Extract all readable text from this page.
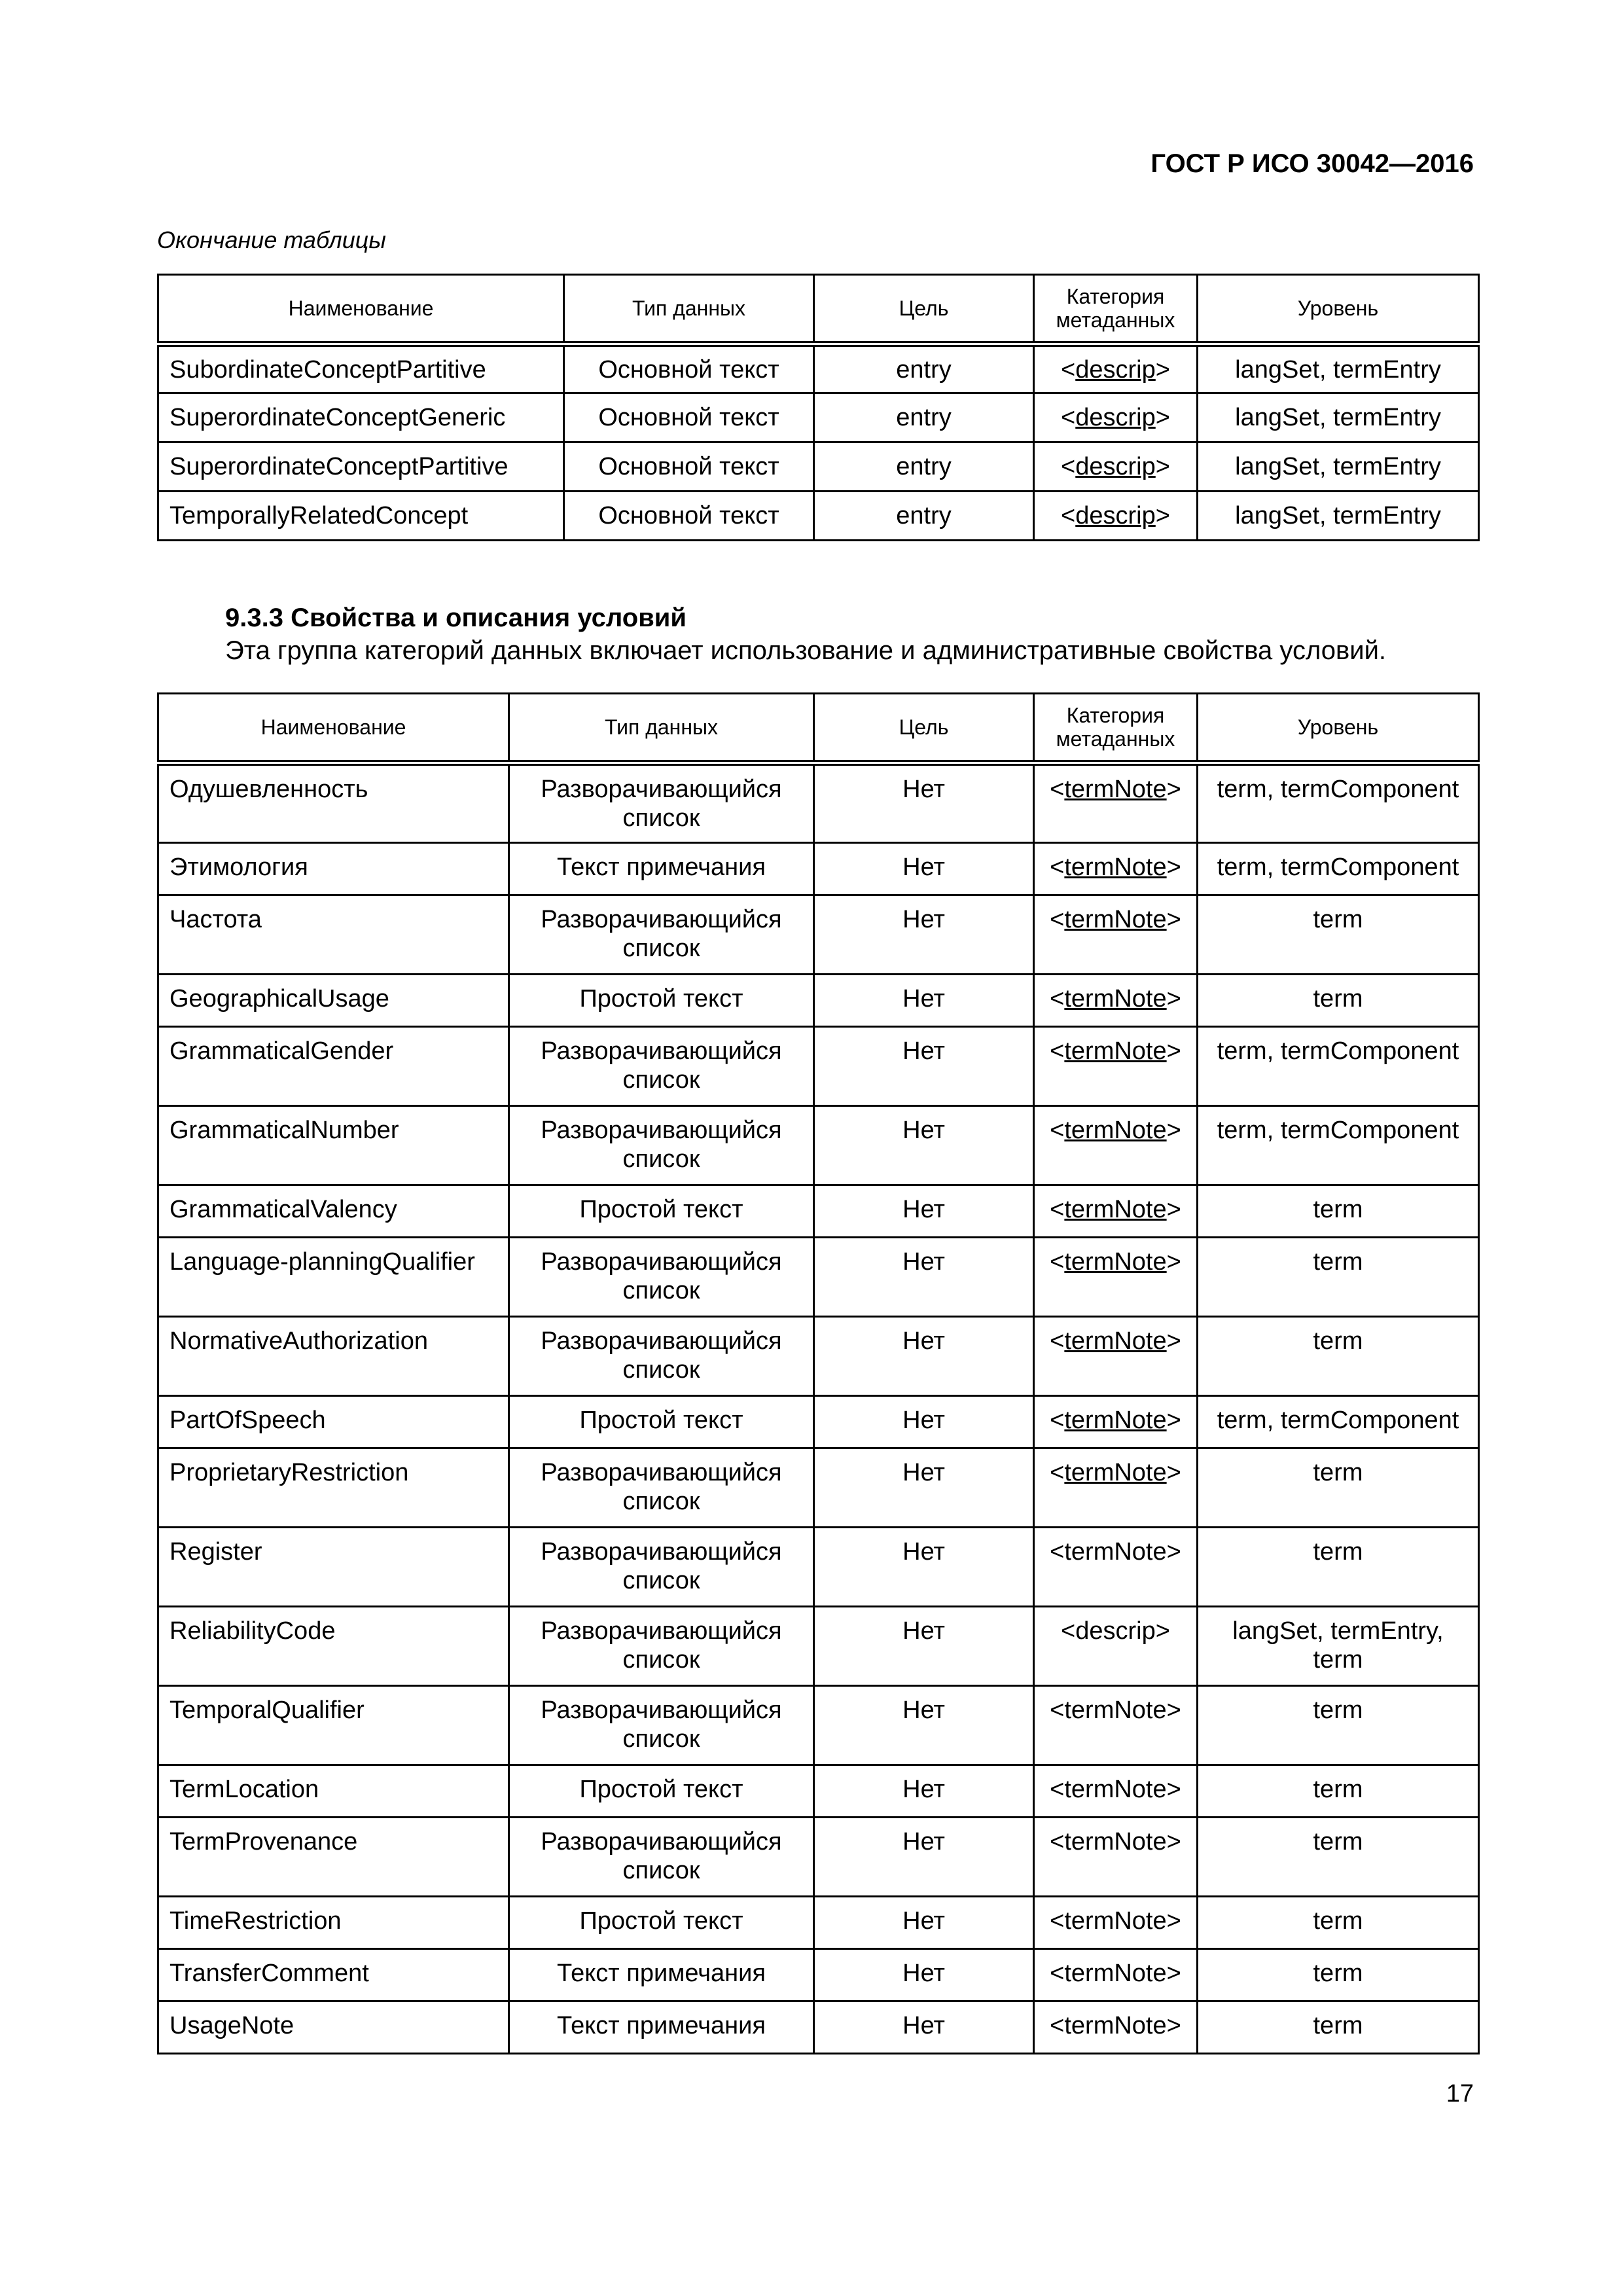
ГОСТ Р ИСО 30042—2016
Окончание таблицы
Наименование	Тип данных	Цель	Категория метаданных	Уровень
SubordinateConceptPartitive	Основной текст	entry	<descrip>	langSet, termEntry
SuperordinateConceptGeneric	Основной текст	entry	<descrip>	langSet, termEntry
SuperordinateConceptPartitive	Основной текст	entry	<descrip>	langSet, termEntry
TemporallyRelatedConcept	Основной текст	entry	<descrip>	langSet, termEntry
9.3.3 Свойства и описания условий
Эта группа категорий данных включает использование и административные свойства условий.
Наименование	Тип данных	Цель	Категория метаданных	Уровень
Одушевленность	Разворачивающийся список	Нет	<termNote>	term, termComponent
Этимология	Текст примечания	Нет	<termNote>	term, termComponent
Частота	Разворачивающийся список	Нет	<termNote>	term
GeographicalUsage	Простой текст	Нет	<termNote>	term
GrammaticalGender	Разворачивающийся список	Нет	<termNote>	term, termComponent
GrammaticalNumber	Разворачивающийся список	Нет	<termNote>	term, termComponent
GrammaticalValency	Простой текст	Нет	<termNote>	term
Language-planningQualifier	Разворачивающийся список	Нет	<termNote>	term
NormativeAuthorization	Разворачивающийся список	Нет	<termNote>	term
PartOfSpeech	Простой текст	Нет	<termNote>	term, termComponent
ProprietaryRestriction	Разворачивающийся список	Нет	<termNote>	term
Register	Разворачивающийся список	Нет	<termNote>	term
ReliabilityCode	Разворачивающийся список	Нет	<descrip>	langSet, termEntry, term
TemporalQualifier	Разворачивающийся список	Нет	<termNote>	term
TermLocation	Простой текст	Нет	<termNote>	term
TermProvenance	Разворачивающийся список	Нет	<termNote>	term
TimeRestriction	Простой текст	Нет	<termNote>	term
TransferComment	Текст примечания	Нет	<termNote>	term
UsageNote	Текст примечания	Нет	<termNote>	term
17
